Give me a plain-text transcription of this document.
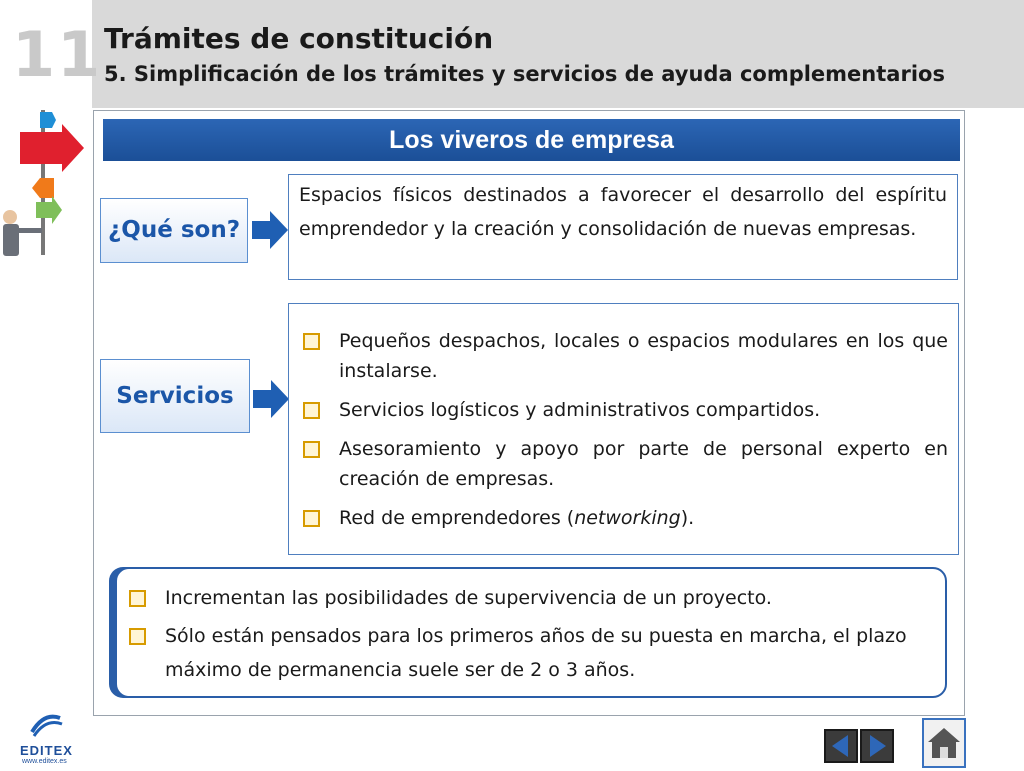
11 Trámites de constitución
5. Simplificación de los trámites y servicios de ayuda complementarios
Los viveros de empresa
¿Qué son?
Espacios físicos destinados a favorecer el desarrollo del espíritu emprendedor y la creación y consolidación de nuevas empresas.
Servicios
Pequeños despachos, locales o espacios modulares en los que instalarse.
Servicios logísticos y administrativos compartidos.
Asesoramiento y apoyo por parte de personal experto en creación de empresas.
Red de emprendedores (networking).
Incrementan las posibilidades de supervivencia de un proyecto.
Sólo están pensados para los primeros años de su puesta en marcha, el plazo máximo de permanencia suele ser de 2 o 3 años.
EDITEX
www.editex.es
